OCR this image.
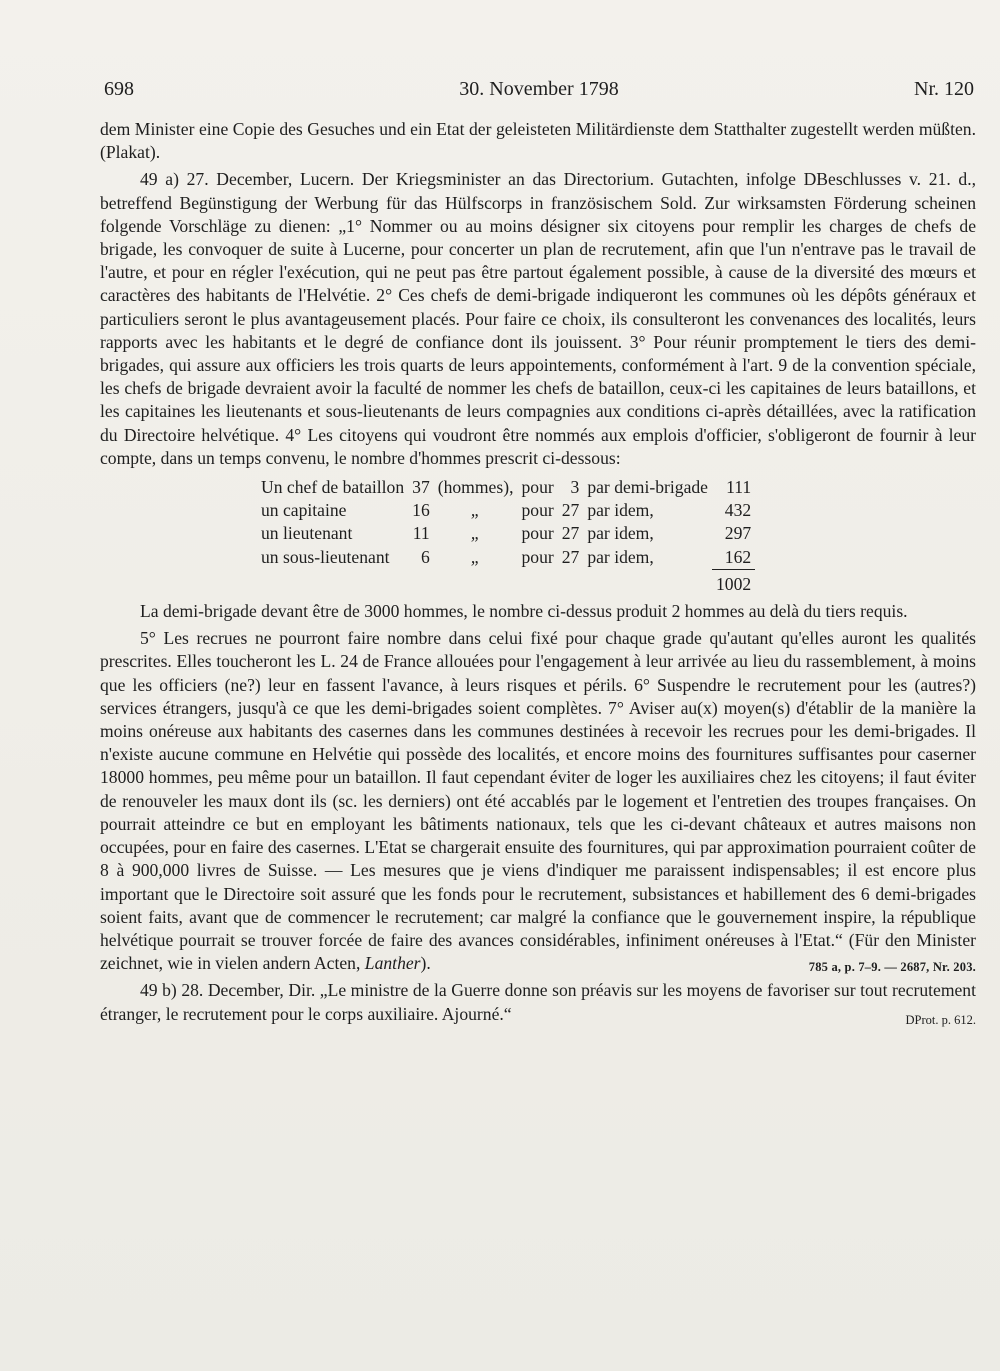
30. November 1798
698	Nr. 120

dem Minister eine Copie des Gesuches und ein Etat der geleisteten Militärdienste dem Statthalter zugestellt werden müßten. (Plakat).

49 a) 27. December, Lucern. Der Kriegsminister an das Directorium. Gutachten, infolge DBeschlusses v. 21. d., betreffend Begünstigung der Werbung für das Hülfscorps in französischem Sold. Zur wirksamsten Förderung scheinen folgende Vorschläge zu dienen: „1° Nommer ou au moins désigner six citoyens pour remplir les charges de chefs de brigade, les convoquer de suite à Lucerne, pour concerter un plan de recrutement, afin que l'un n'entrave pas le travail de l'autre, et pour en régler l'exécution, qui ne peut pas être partout également possible, à cause de la diversité des mœurs et caractères des habitants de l'Helvétie. 2° Ces chefs de demi-brigade indiqueront les communes où les dépôts généraux et particuliers seront le plus avantageusement placés. Pour faire ce choix, ils consulteront les convenances des localités, leurs rapports avec les habitants et le degré de confiance dont ils jouissent. 3° Pour réunir promptement le tiers des demi-brigades, qui assure aux officiers les trois quarts de leurs appointements, conformément à l'art. 9 de la convention spéciale, les chefs de brigade devraient avoir la faculté de nommer les chefs de bataillon, ceux-ci les capitaines de leurs bataillons, et les capitaines les lieutenants et sous-lieutenants de leurs compagnies aux conditions ci-après détaillées, avec la ratification du Directoire helvétique. 4° Les citoyens qui voudront être nommés aux emplois d'officier, s'obligeront de fournir à leur compte, dans un temps convenu, le nombre d'hommes prescrit ci-dessous:

Un chef de bataillon	37	(hommes),	pour	3	par demi-brigade	111
un capitaine	16	„	pour	27	par idem,	432
un lieutenant	11	„	pour	27	par idem,	297
un sous-lieutenant	6	„	pour	27	par idem,	162
						1002

La demi-brigade devant être de 3000 hommes, le nombre ci-dessus produit 2 hommes au delà du tiers requis.

5° Les recrues ne pourront faire nombre dans celui fixé pour chaque grade qu'autant qu'elles auront les qualités prescrites. Elles toucheront les L. 24 de France allouées pour l'engagement à leur arrivée au lieu du rassemblement, à moins que les officiers (ne?) leur en fassent l'avance, à leurs risques et périls. 6° Suspendre le recrutement pour les (autres?) services étrangers, jusqu'à ce que les demi-brigades soient complètes. 7° Aviser au(x) moyen(s) d'établir de la manière la moins onéreuse aux habitants des casernes dans les communes destinées à recevoir les recrues pour les demi-brigades. Il n'existe aucune commune en Helvétie qui possède des localités, et encore moins des fournitures suffisantes pour caserner 18000 hommes, peu même pour un bataillon. Il faut cependant éviter de loger les auxiliaires chez les citoyens; il faut éviter de renouveler les maux dont ils (sc. les derniers) ont été accablés par le logement et l'entretien des troupes françaises. On pourrait atteindre ce but en employant les bâtiments nationaux, tels que les ci-devant châteaux et autres maisons non occupées, pour en faire des casernes. L'Etat se chargerait ensuite des fournitures, qui par approximation pourraient coûter de 8 à 900,000 livres de Suisse. — Les mesures que je viens d'indiquer me paraissent indispensables; il est encore plus important que le Directoire soit assuré que les fonds pour le recrutement, subsistances et habillement des 6 demi-brigades soient faits, avant que de commencer le recrutement; car malgré la confiance que le gouvernement inspire, la république helvétique pourrait se trouver forcée de faire des avances considérables, infiniment onéreuses à l'Etat.“ (Für den Minister zeichnet, wie in vielen andern Acten, Lanther).	785 a, p. 7–9. — 2687, Nr. 203.

49 b) 28. December, Dir. „Le ministre de la Guerre donne son préavis sur les moyens de favoriser sur tout recrutement étranger, le recrutement pour le corps auxiliaire. Ajourné.“	DProt. p. 612.
